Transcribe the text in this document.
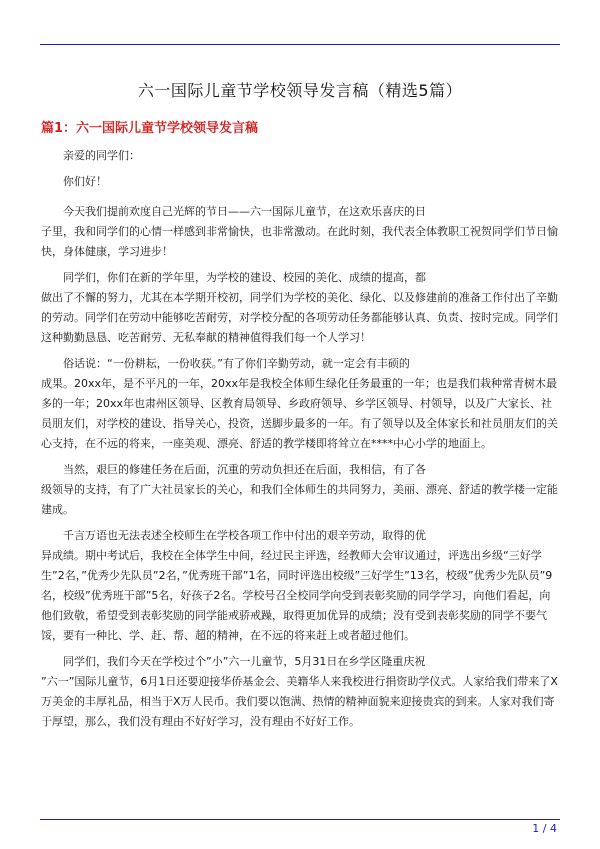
六一国际儿童节学校领导发言稿（精选5篇）
篇1：六一国际儿童节学校领导发言稿

亲爱的同学们：

你们好！

今天我们提前欢度自己光辉的节日——六一国际儿童节，在这欢乐喜庆的日
子里，我和同学们的心情一样感到非常愉快，也非常激动。在此时刻，我代表全体教职工祝贺同学们节日愉快，身体健康，学习进步！

同学们，你们在新的学年里，为学校的建设、校园的美化、成绩的提高，都
做出了不懈的努力，尤其在本学期开校初，同学们为学校的美化、绿化、以及修建前的准备工作付出了辛勤的劳动。同学们在劳动中能够吃苦耐劳，对学校分配的各项劳动任务都能够认真、负责、按时完成。同学们这种勤勤恳恳、吃苦耐劳、无私奉献的精神值得我们每一个人学习！

俗话说：“一份耕耘，一份收获。”有了你们辛勤劳动，就一定会有丰硕的
成果。20xx年，是不平凡的一年，20xx年是我校全体师生绿化任务最重的一年；也是我们栽种常青树木最多的一年；20xx年也肃州区领导、区教育局领导、乡政府领导、乡学区领导、村领导，以及广大家长、社员朋友们，对学校的建设、指导关心，投资，送脚步最多的一年。有了领导以及全体家长和社员朋友们的关心支持，在不远的将来，一座美观、漂亮、舒适的教学楼即将耸立在****中心小学的地面上。

当然，艰巨的修建任务在后面，沉重的劳动负担还在后面，我相信，有了各
级领导的支持，有了广大社员家长的关心，和我们全体师生的共同努力，美丽、漂亮、舒适的教学楼一定能建成。

千言万语也无法表述全校师生在学校各项工作中付出的艰辛劳动，取得的优
异成绩。期中考试后，我校在全体学生中间，经过民主评选，经教师大会审议通过，评选出乡级“三好学生”2名，”优秀少先队员”2名，”优秀班干部”1名，同时评选出校级”三好学生”13名，校级”优秀少先队员”9名，校级”优秀班干部”5名，好孩子2名。学校号召全校同学向受到表彰奖励的同学学习，向他们看起，向他们致敬，希望受到表彰奖励的同学能戒骄戒躁，取得更加优异的成绩；没有受到表彰奖励的同学不要气馁，要有一种比、学、赶、帮、超的精神，在不远的将来赶上或者超过他们。

同学们，我们今天在学校过个”小”六一儿童节，5月31日在乡学区隆重庆祝
”六一”国际儿童节，6月1日还要迎接华侨基金会、美籍华人来我校进行捐资助学仪式。人家给我们带来了X万美金的丰厚礼品，相当于X万人民币。我们要以饱满、热情的精神面貌来迎接贵宾的到来。人家对我们寄于厚望，那么，我们没有理由不好好学习，没有理由不好好工作。

1 / 4
